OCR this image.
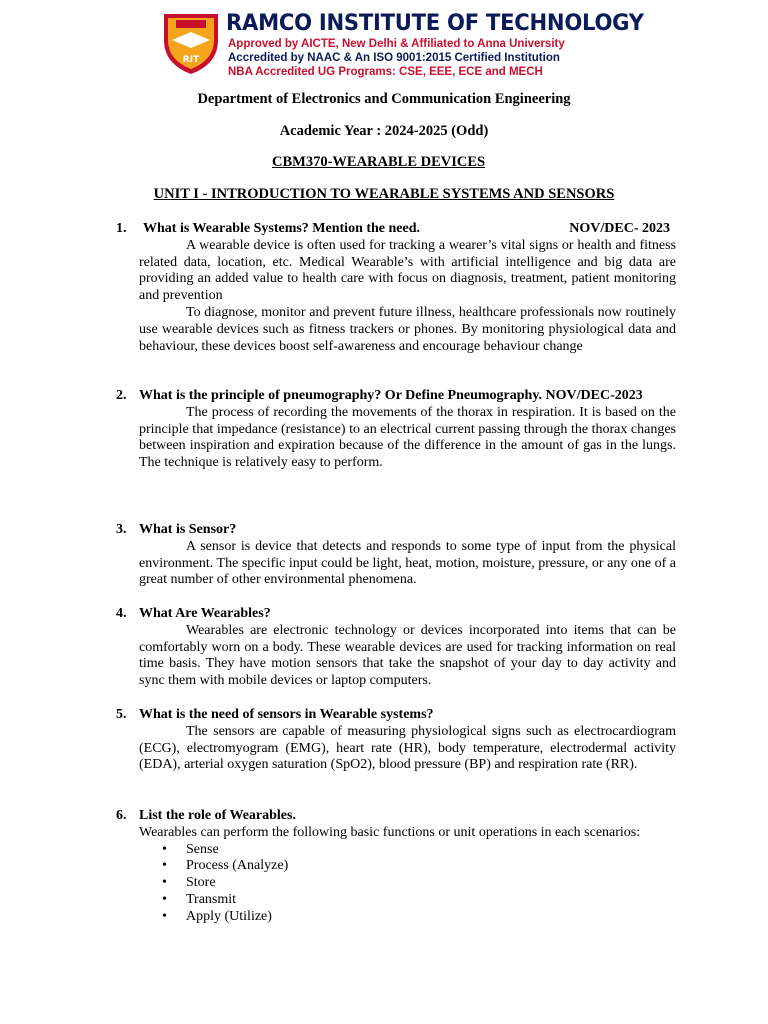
RIT
RAMCO INSTITUTE OF TECHNOLOGY
Approved by AICTE, New Delhi & Affiliated to Anna University
Accredited by NAAC & An ISO 9001:2015 Certified Institution
NBA Accredited UG Programs: CSE, EEE, ECE and MECH
Department of Electronics and Communication Engineering
Academic Year : 2024-2025 (Odd)
CBM370-WEARABLE DEVICES
UNIT I - INTRODUCTION TO WEARABLE SYSTEMS AND SENSORS
1. What is Wearable Systems? Mention the need.	NOV/DEC- 2023
A wearable device is often used for tracking a wearer’s vital signs or health and fitness related data, location, etc. Medical Wearable’s with artificial intelligence and big data are providing an added value to health care with focus on diagnosis, treatment, patient monitoring and prevention
To diagnose, monitor and prevent future illness, healthcare professionals now routinely use wearable devices such as fitness trackers or phones. By monitoring physiological data and behaviour, these devices boost self-awareness and encourage behaviour change
2. What is the principle of pneumography? Or Define Pneumography. NOV/DEC-2023
The process of recording the movements of the thorax in respiration. It is based on the principle that impedance (resistance) to an electrical current passing through the thorax changes between inspiration and expiration because of the difference in the amount of gas in the lungs. The technique is relatively easy to perform.
3. What is Sensor?
A sensor is device that detects and responds to some type of input from the physical environment. The specific input could be light, heat, motion, moisture, pressure, or any one of a great number of other environmental phenomena.
4. What Are Wearables?
Wearables are electronic technology or devices incorporated into items that can be comfortably worn on a body. These wearable devices are used for tracking information on real time basis. They have motion sensors that take the snapshot of your day to day activity and sync them with mobile devices or laptop computers.
5. What is the need of sensors in Wearable systems?
The sensors are capable of measuring physiological signs such as electrocardiogram (ECG), electromyogram (EMG), heart rate (HR), body temperature, electrodermal activity (EDA), arterial oxygen saturation (SpO2), blood pressure (BP) and respiration rate (RR).
6. List the role of Wearables.
Wearables can perform the following basic functions or unit operations in each scenarios:
• Sense
• Process (Analyze)
• Store
• Transmit
• Apply (Utilize)
